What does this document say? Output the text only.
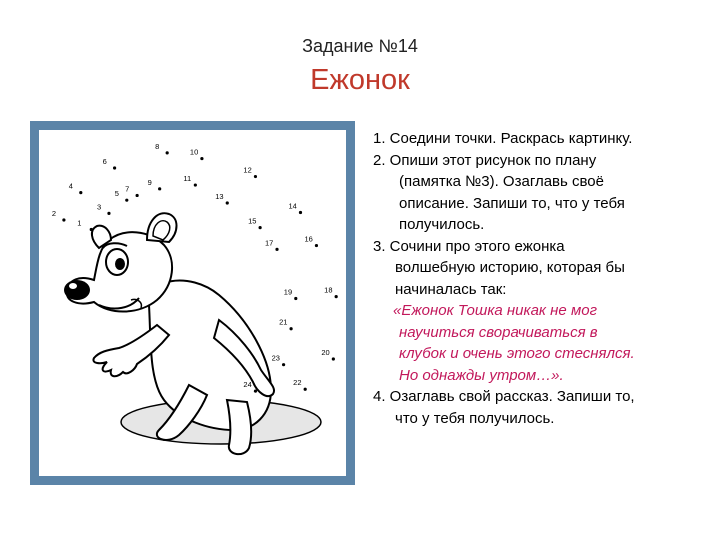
Задание №14
Ежонок
1
2
3
4
5
6
7
8
9
10
11
12
13
14
15
16
17
18
19
20
21
22
23
24

1. Соедини точки. Раскрась картинку.

2. Опиши этот рисунок по плану

(памятка №3). Озаглавь своё

описание. Запиши то, что у тебя

получилось.

3. Сочини про этого ежонка

волшебную историю, которая бы

начиналась так:

«Ежонок Тошка никак не мог

научиться сворачиваться в

клубок и очень этого стеснялся.

Но однажды утром…».

4. Озаглавь свой рассказ. Запиши то,

что у тебя получилось.
